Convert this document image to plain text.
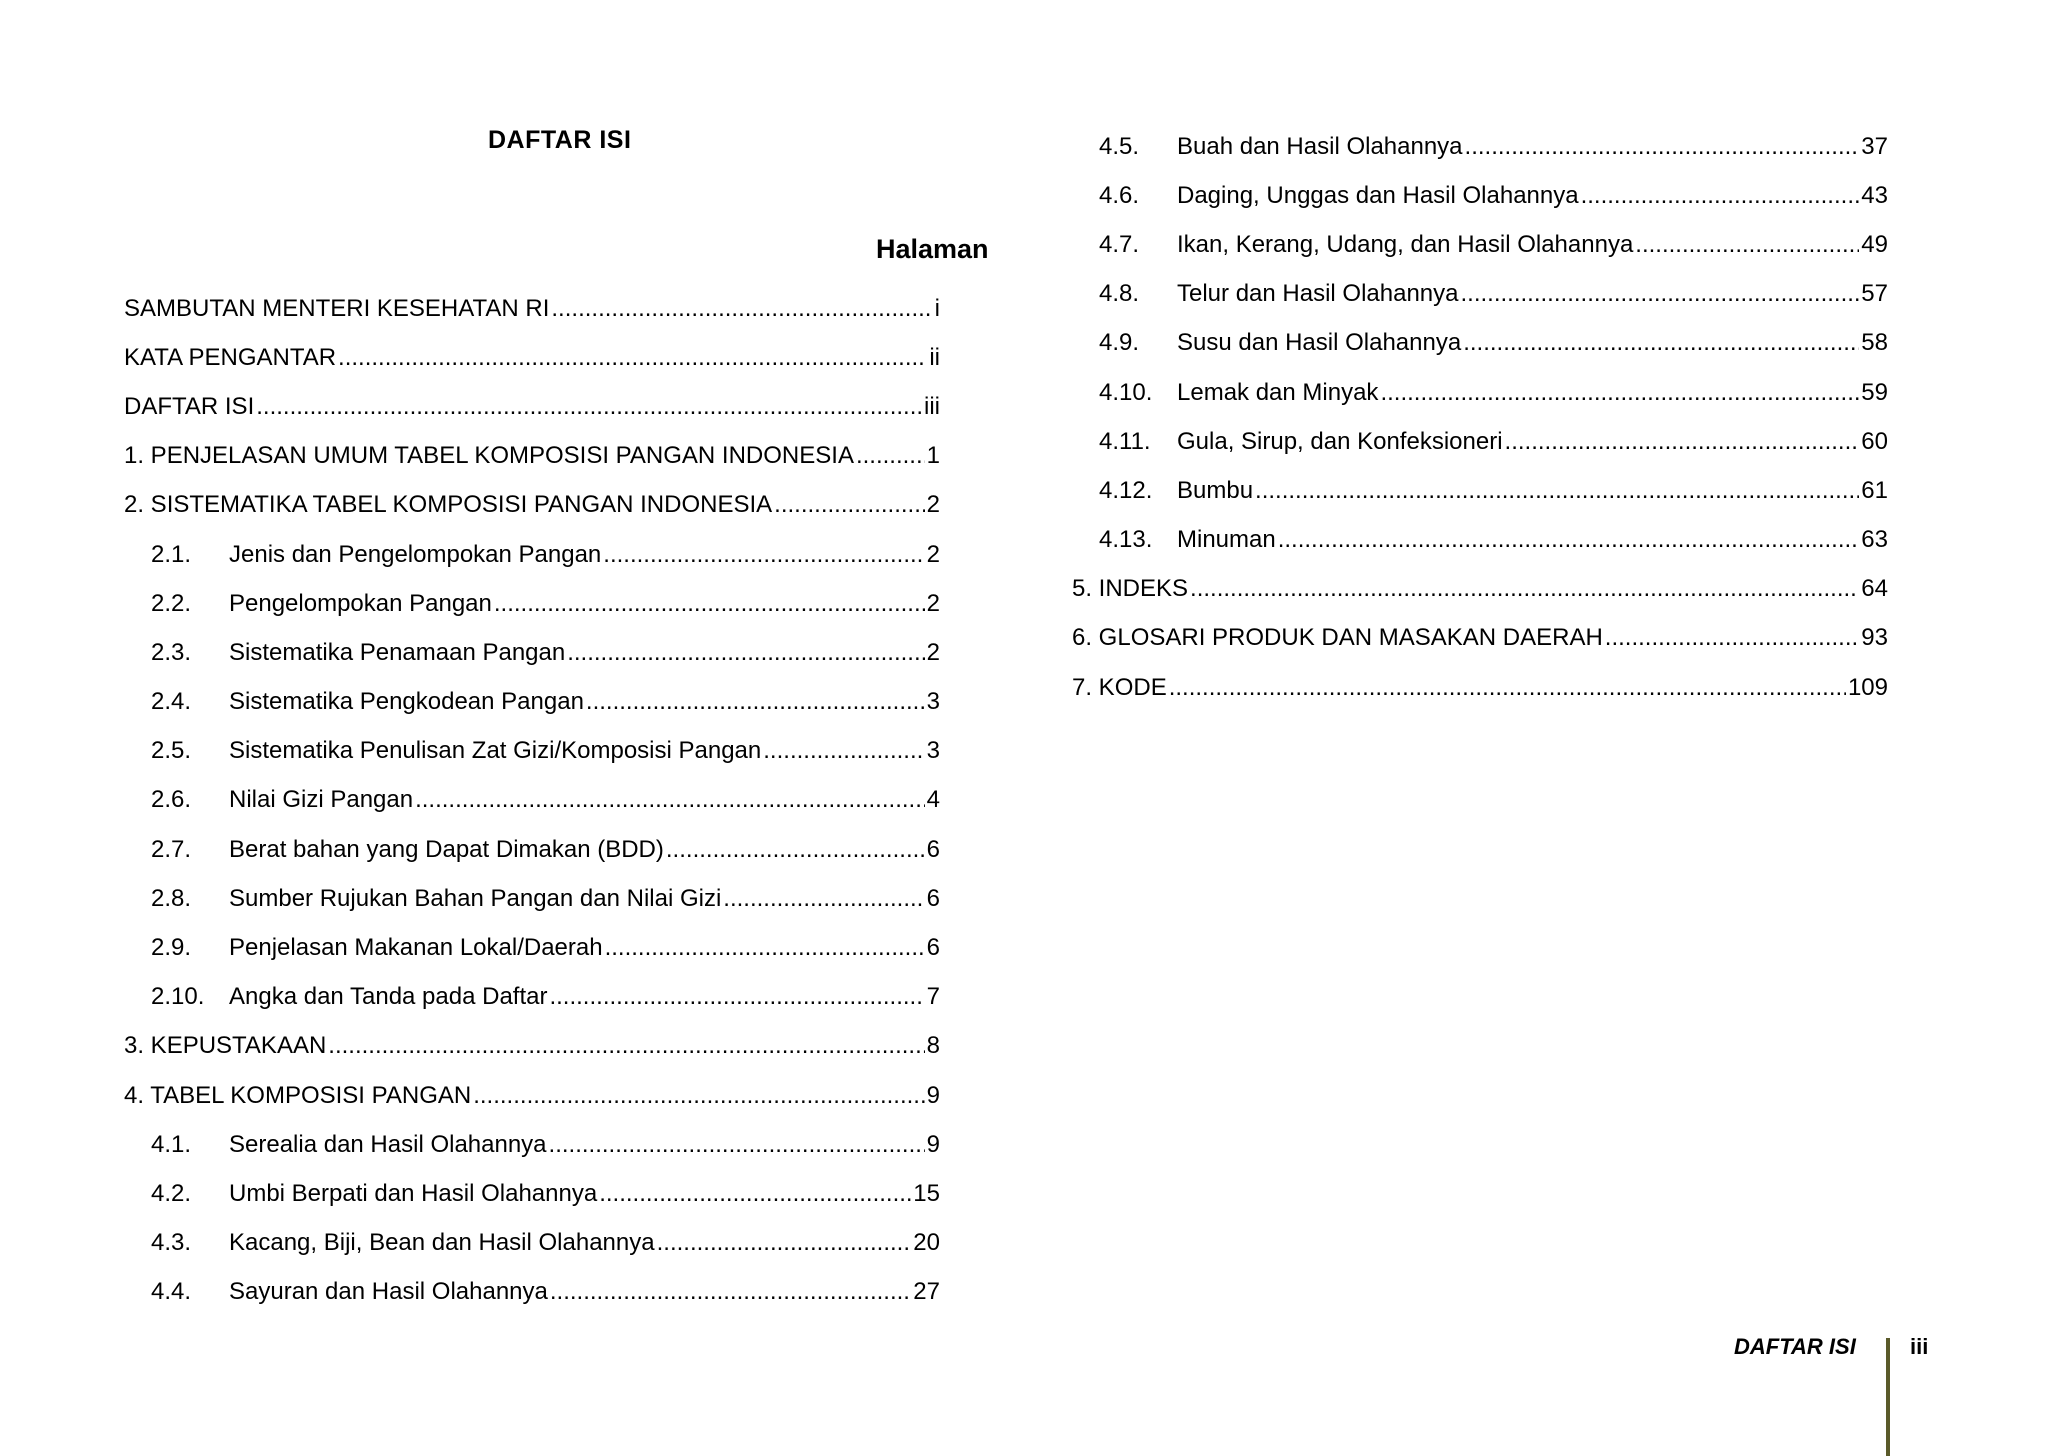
DAFTAR ISI
Halaman
SAMBUTAN MENTERI KESEHATAN RI .....	i
KATA PENGANTAR .....	ii
DAFTAR ISI .....	iii
1. PENJELASAN UMUM TABEL KOMPOSISI PANGAN INDONESIA .....	1
2. SISTEMATIKA TABEL KOMPOSISI PANGAN INDONESIA .....	2
2.1.	Jenis dan Pengelompokan Pangan .....	2
2.2.	Pengelompokan Pangan .....	2
2.3.	Sistematika Penamaan Pangan .....	2
2.4.	Sistematika Pengkodean Pangan .....	3
2.5.	Sistematika Penulisan Zat Gizi/Komposisi Pangan .....	3
2.6.	Nilai Gizi Pangan .....	4
2.7.	Berat bahan yang Dapat Dimakan (BDD) .....	6
2.8.	Sumber Rujukan Bahan Pangan dan Nilai Gizi .....	6
2.9.	Penjelasan Makanan Lokal/Daerah .....	6
2.10.	Angka dan Tanda pada Daftar .....	7
3. KEPUSTAKAAN .....	8
4. TABEL KOMPOSISI PANGAN .....	9
4.1.	Serealia dan Hasil Olahannya .....	9
4.2.	Umbi Berpati dan Hasil Olahannya .....	15
4.3.	Kacang, Biji, Bean dan Hasil Olahannya .....	20
4.4.	Sayuran dan Hasil Olahannya .....	27
4.5.	Buah dan Hasil Olahannya .....	37
4.6.	Daging, Unggas dan Hasil Olahannya .....	43
4.7.	Ikan, Kerang, Udang, dan Hasil Olahannya .....	49
4.8.	Telur dan Hasil Olahannya .....	57
4.9.	Susu dan Hasil Olahannya .....	58
4.10.	Lemak dan Minyak .....	59
4.11.	Gula, Sirup, dan Konfeksioneri .....	60
4.12.	Bumbu .....	61
4.13.	Minuman .....	63
5. INDEKS .....	64
6. GLOSARI PRODUK DAN MASAKAN DAERAH .....	93
7. KODE .....	109
DAFTAR ISI iii
